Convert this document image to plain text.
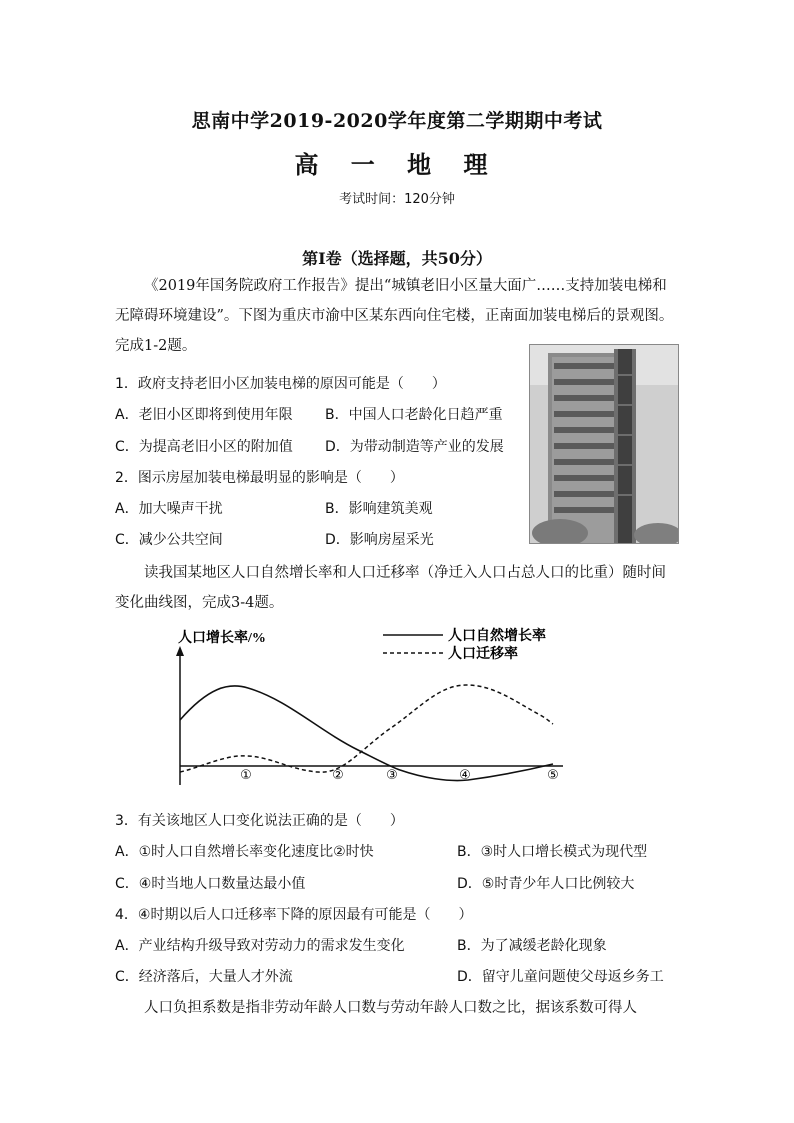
思南中学2019-2020学年度第二学期期中考试
高 一 地 理
考试时间：120分钟
第Ⅰ卷（选择题，共50分）
《2019年国务院政府工作报告》提出“城镇老旧小区量大面广……支持加装电梯和无障碍环境建设”。下图为重庆市渝中区某东西向住宅楼，正南面加装电梯后的景观图。完成1-2题。
1．政府支持老旧小区加装电梯的原因可能是（　　）
A．老旧小区即将到使用年限 B．中国人口老龄化日趋严重
C．为提高老旧小区的附加值 D．为带动制造等产业的发展
2．图示房屋加装电梯最明显的影响是（　　）
A．加大噪声干扰	B．影响建筑美观
C．减少公共空间	D．影响房屋采光
读我国某地区人口自然增长率和人口迁移率（净迁入人口占总人口的比重）随时间变化曲线图，完成3-4题。
人口增长率/%	人口自然增长率
人口迁移率
①	②	③	④	⑤
3．有关该地区人口变化说法正确的是（　　）
A．①时人口自然增长率变化速度比②时快	B．③时人口增长模式为现代型
C．④时当地人口数量达最小值	D．⑤时青少年人口比例较大
4．④时期以后人口迁移率下降的原因最有可能是（　　）
A．产业结构升级导致对劳动力的需求发生变化	B．为了减缓老龄化现象
C．经济落后，大量人才外流	D．留守儿童问题使父母返乡务工
人口负担系数是指非劳动年龄人口数与劳动年龄人口数之比，据该系数可得人
